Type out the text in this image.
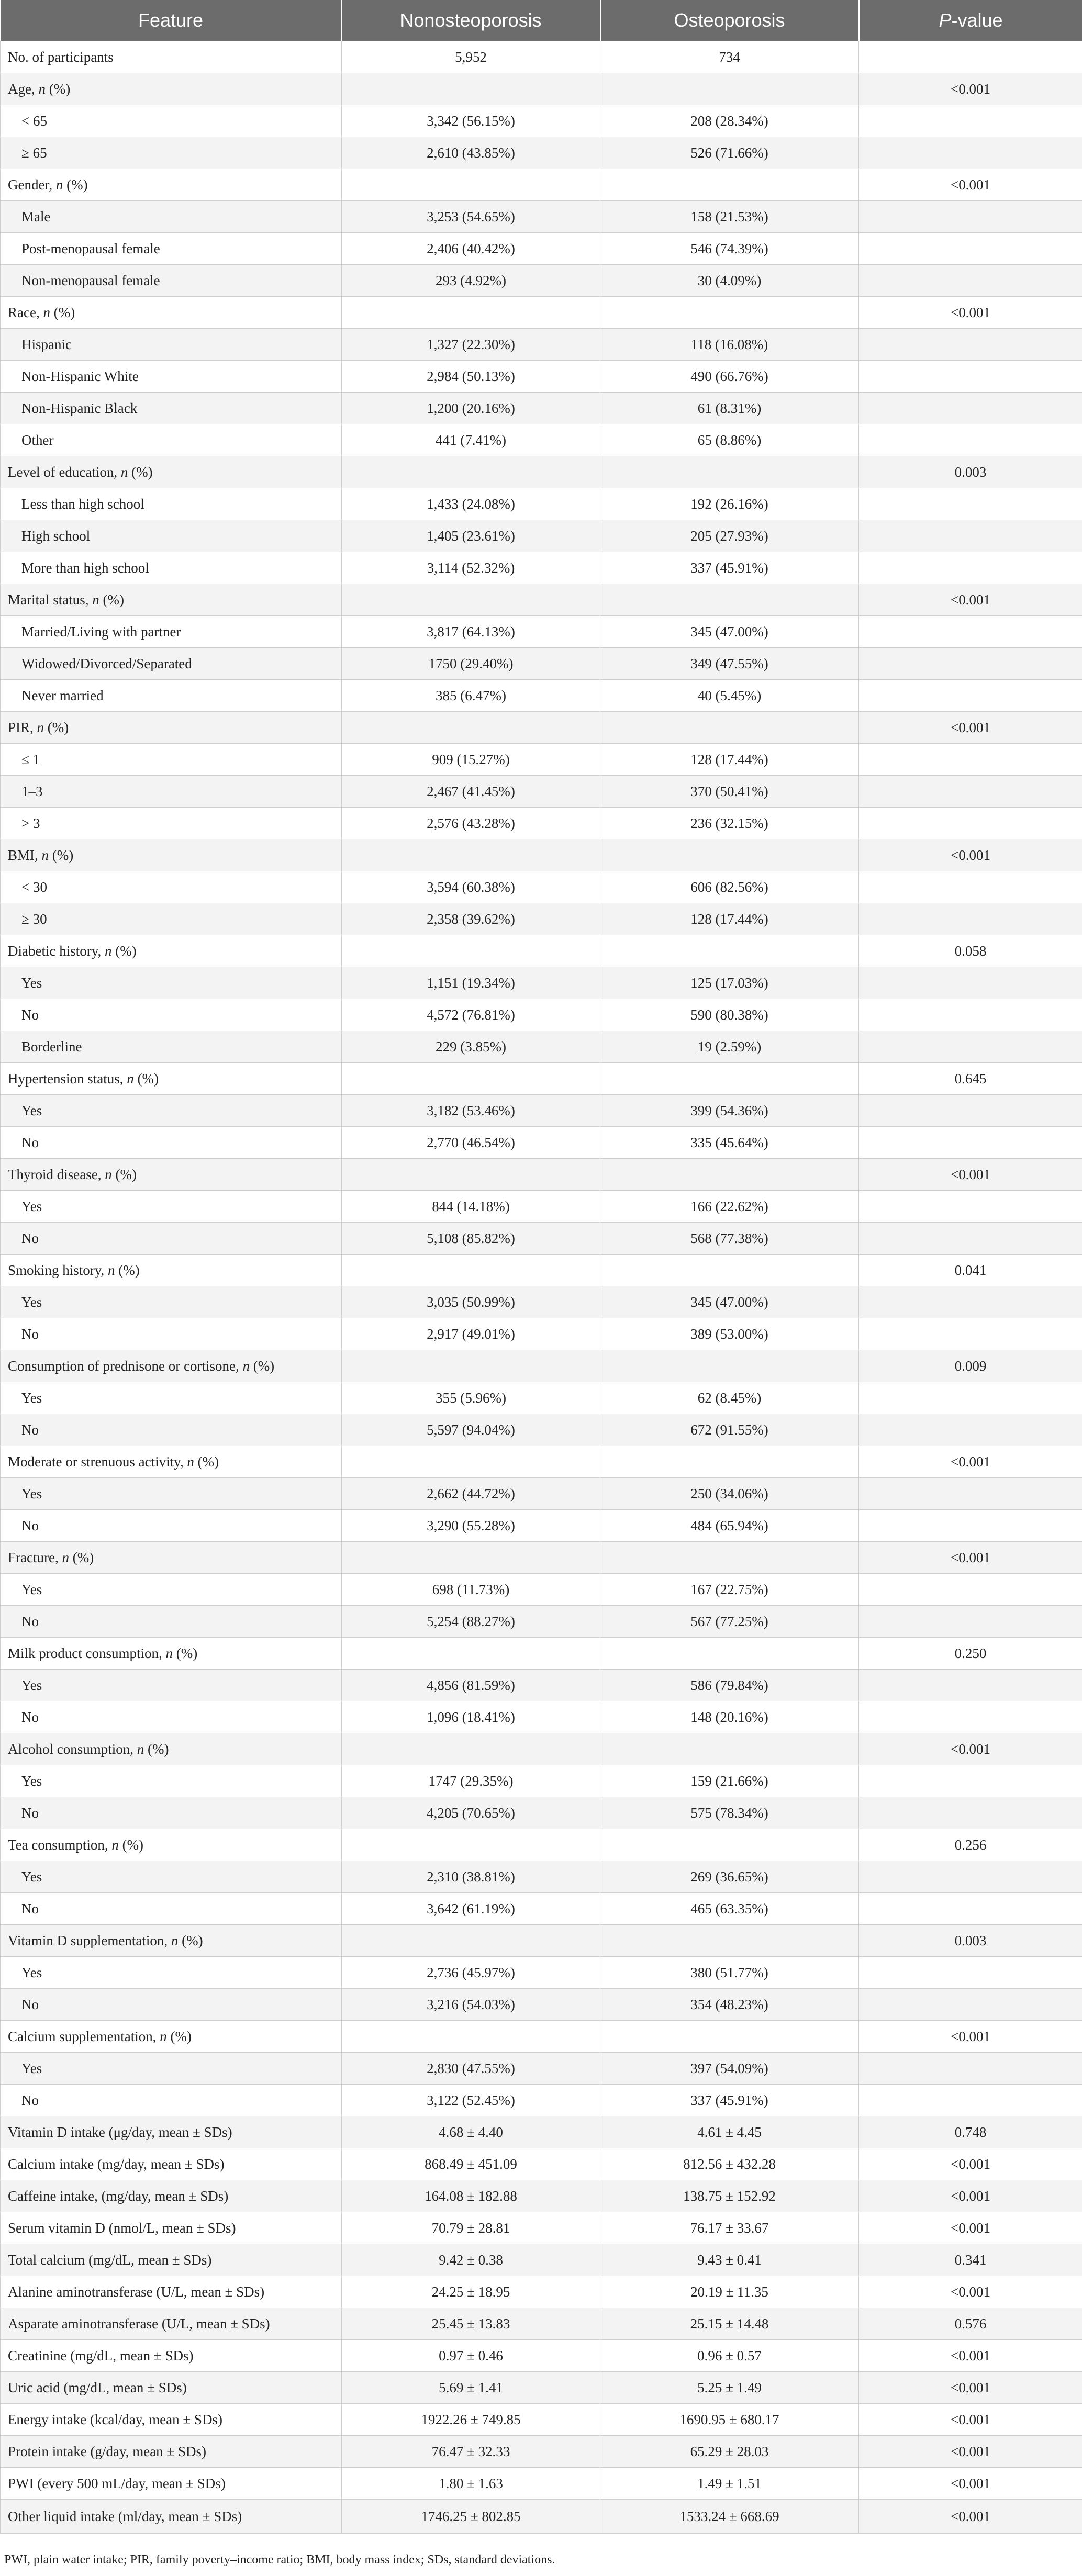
Feature	Nonosteoporosis	Osteoporosis	P-value
No. of participants	5,952	734	
Age, n (%)			<0.001
< 65	3,342 (56.15%)	208 (28.34%)	
≥ 65	2,610 (43.85%)	526 (71.66%)	
Gender, n (%)			<0.001
Male	3,253 (54.65%)	158 (21.53%)	
Post-menopausal female	2,406 (40.42%)	546 (74.39%)	
Non-menopausal female	293 (4.92%)	30 (4.09%)	
Race, n (%)			<0.001
Hispanic	1,327 (22.30%)	118 (16.08%)	
Non-Hispanic White	2,984 (50.13%)	490 (66.76%)	
Non-Hispanic Black	1,200 (20.16%)	61 (8.31%)	
Other	441 (7.41%)	65 (8.86%)	
Level of education, n (%)			0.003
Less than high school	1,433 (24.08%)	192 (26.16%)	
High school	1,405 (23.61%)	205 (27.93%)	
More than high school	3,114 (52.32%)	337 (45.91%)	
Marital status, n (%)			<0.001
Married/Living with partner	3,817 (64.13%)	345 (47.00%)	
Widowed/Divorced/Separated	1750 (29.40%)	349 (47.55%)	
Never married	385 (6.47%)	40 (5.45%)	
PIR, n (%)			<0.001
≤ 1	909 (15.27%)	128 (17.44%)	
1–3	2,467 (41.45%)	370 (50.41%)	
> 3	2,576 (43.28%)	236 (32.15%)	
BMI, n (%)			<0.001
< 30	3,594 (60.38%)	606 (82.56%)	
≥ 30	2,358 (39.62%)	128 (17.44%)	
Diabetic history, n (%)			0.058
Yes	1,151 (19.34%)	125 (17.03%)	
No	4,572 (76.81%)	590 (80.38%)	
Borderline	229 (3.85%)	19 (2.59%)	
Hypertension status, n (%)			0.645
Yes	3,182 (53.46%)	399 (54.36%)	
No	2,770 (46.54%)	335 (45.64%)	
Thyroid disease, n (%)			<0.001
Yes	844 (14.18%)	166 (22.62%)	
No	5,108 (85.82%)	568 (77.38%)	
Smoking history, n (%)			0.041
Yes	3,035 (50.99%)	345 (47.00%)	
No	2,917 (49.01%)	389 (53.00%)	
Consumption of prednisone or cortisone, n (%)			0.009
Yes	355 (5.96%)	62 (8.45%)	
No	5,597 (94.04%)	672 (91.55%)	
Moderate or strenuous activity, n (%)			<0.001
Yes	2,662 (44.72%)	250 (34.06%)	
No	3,290 (55.28%)	484 (65.94%)	
Fracture, n (%)			<0.001
Yes	698 (11.73%)	167 (22.75%)	
No	5,254 (88.27%)	567 (77.25%)	
Milk product consumption, n (%)			0.250
Yes	4,856 (81.59%)	586 (79.84%)	
No	1,096 (18.41%)	148 (20.16%)	
Alcohol consumption, n (%)			<0.001
Yes	1747 (29.35%)	159 (21.66%)	
No	4,205 (70.65%)	575 (78.34%)	
Tea consumption, n (%)			0.256
Yes	2,310 (38.81%)	269 (36.65%)	
No	3,642 (61.19%)	465 (63.35%)	
Vitamin D supplementation, n (%)			0.003
Yes	2,736 (45.97%)	380 (51.77%)	
No	3,216 (54.03%)	354 (48.23%)	
Calcium supplementation, n (%)			<0.001
Yes	2,830 (47.55%)	397 (54.09%)	
No	3,122 (52.45%)	337 (45.91%)	
Vitamin D intake (μg/day, mean ± SDs)	4.68 ± 4.40	4.61 ± 4.45	0.748
Calcium intake (mg/day, mean ± SDs)	868.49 ± 451.09	812.56 ± 432.28	<0.001
Caffeine intake, (mg/day, mean ± SDs)	164.08 ± 182.88	138.75 ± 152.92	<0.001
Serum vitamin D (nmol/L, mean ± SDs)	70.79 ± 28.81	76.17 ± 33.67	<0.001
Total calcium (mg/dL, mean ± SDs)	9.42 ± 0.38	9.43 ± 0.41	0.341
Alanine aminotransferase (U/L, mean ± SDs)	24.25 ± 18.95	20.19 ± 11.35	<0.001
Asparate aminotransferase (U/L, mean ± SDs)	25.45 ± 13.83	25.15 ± 14.48	0.576
Creatinine (mg/dL, mean ± SDs)	0.97 ± 0.46	0.96 ± 0.57	<0.001
Uric acid (mg/dL, mean ± SDs)	5.69 ± 1.41	5.25 ± 1.49	<0.001
Energy intake (kcal/day, mean ± SDs)	1922.26 ± 749.85	1690.95 ± 680.17	<0.001
Protein intake (g/day, mean ± SDs)	76.47 ± 32.33	65.29 ± 28.03	<0.001
PWI (every 500 mL/day, mean ± SDs)	1.80 ± 1.63	1.49 ± 1.51	<0.001
Other liquid intake (ml/day, mean ± SDs)	1746.25 ± 802.85	1533.24 ± 668.69	<0.001
PWI, plain water intake; PIR, family poverty–income ratio; BMI, body mass index; SDs, standard deviations.
